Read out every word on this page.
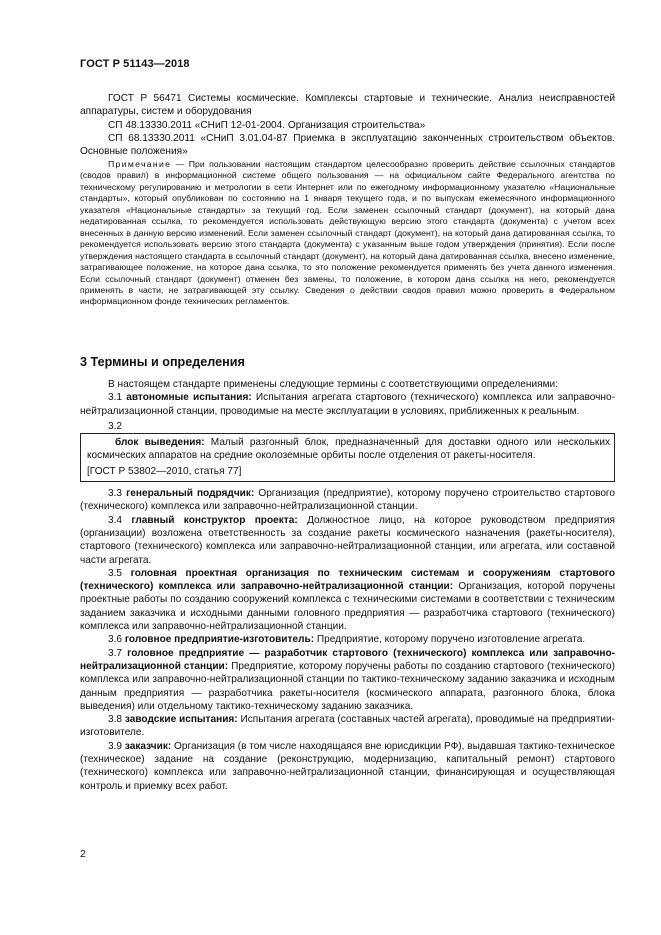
ГОСТ Р 51143—2018

ГОСТ Р 56471 Системы космические. Комплексы стартовые и технические. Анализ неисправностей аппаратуры, систем и оборудования

СП 48.13330.2011 «СНиП 12-01-2004. Организация строительства»

СП 68.13330.2011 «СНиП 3.01.04-87 Приемка в эксплуатацию законченных строительством объектов. Основные положения»

Примечание — При пользовании настоящим стандартом целесообразно проверить действие ссылочных стандартов (сводов правил) в информационной системе общего пользования — на официальном сайте Федерального агентства по техническому регулированию и метрологии в сети Интернет или по ежегодному информационному указателю «Национальные стандарты», который опубликован по состоянию на 1 января текущего года, и по выпускам ежемесячного информационного указателя «Национальные стандарты» за текущий год. Если заменен ссылочный стандарт (документ), на который дана недатированная ссылка, то рекомендуется использовать действующую версию этого стандарта (документа) с учетом всех внесенных в данную версию изменений. Если заменен ссылочный стандарт (документ), на который дана датированная ссылка, то рекомендуется использовать версию этого стандарта (документа) с указанным выше годом утверждения (принятия). Если после утверждения настоящего стандарта в ссылочный стандарт (документ), на который дана датированная ссылка, внесено изменение, затрагивающее положение, на которое дана ссылка, то это положение рекомендуется применять без учета данного изменения. Если ссылочный стандарт (документ) отменен без замены, то положение, в котором дана ссылка на него, рекомендуется применять в части, не затрагивающей эту ссылку. Сведения о действии сводов правил можно проверить в Федеральном информационном фонде технических регламентов.

3 Термины и определения

В настоящем стандарте применены следующие термины с соответствующими определениями:

3.1 автономные испытания: Испытания агрегата стартового (технического) комплекса или заправочно-нейтрализационной станции, проводимые на месте эксплуатации в условиях, приближенных к реальным.

3.2

блок выведения: Малый разгонный блок, предназначенный для доставки одного или нескольких космических аппаратов на средние околоземные орбиты после отделения от ракеты-носителя.

[ГОСТ Р 53802—2010, статья 77]

3.3 генеральный подрядчик: Организация (предприятие), которому поручено строительство стартового (технического) комплекса или заправочно-нейтрализационной станции.

3.4 главный конструктор проекта: Должностное лицо, на которое руководством предприятия (организации) возложена ответственность за создание ракеты космического назначения (ракеты-носителя), стартового (технического) комплекса или заправочно-нейтрализационной станции, или агрегата, или составной части агрегата.

3.5 головная проектная организация по техническим системам и сооружениям стартового (технического) комплекса или заправочно-нейтрализационной станции: Организация, которой поручены проектные работы по созданию сооружений комплекса с техническими системами в соответствии с техническим заданием заказчика и исходными данными головного предприятия — разработчика стартового (технического) комплекса или заправочно-нейтрализационной станции.

3.6 головное предприятие-изготовитель: Предприятие, которому поручено изготовление агрегата.

3.7 головное предприятие — разработчик стартового (технического) комплекса или заправочно-нейтрализационной станции: Предприятие, которому поручены работы по созданию стартового (технического) комплекса или заправочно-нейтрализационной станции по тактико-техническому заданию заказчика и исходным данным предприятия — разработчика ракеты-носителя (космического аппарата, разгонного блока, блока выведения) или отдельному тактико-техническому заданию заказчика.

3.8 заводские испытания: Испытания агрегата (составных частей агрегата), проводимые на предприятии-изготовителе.

3.9 заказчик: Организация (в том числе находящаяся вне юрисдикции РФ), выдавшая тактико-техническое (техническое) задание на создание (реконструкцию, модернизацию, капитальный ремонт) стартового (технического) комплекса или заправочно-нейтрализационной станции, финансирующая и осуществляющая контроль и приемку всех работ.

2
